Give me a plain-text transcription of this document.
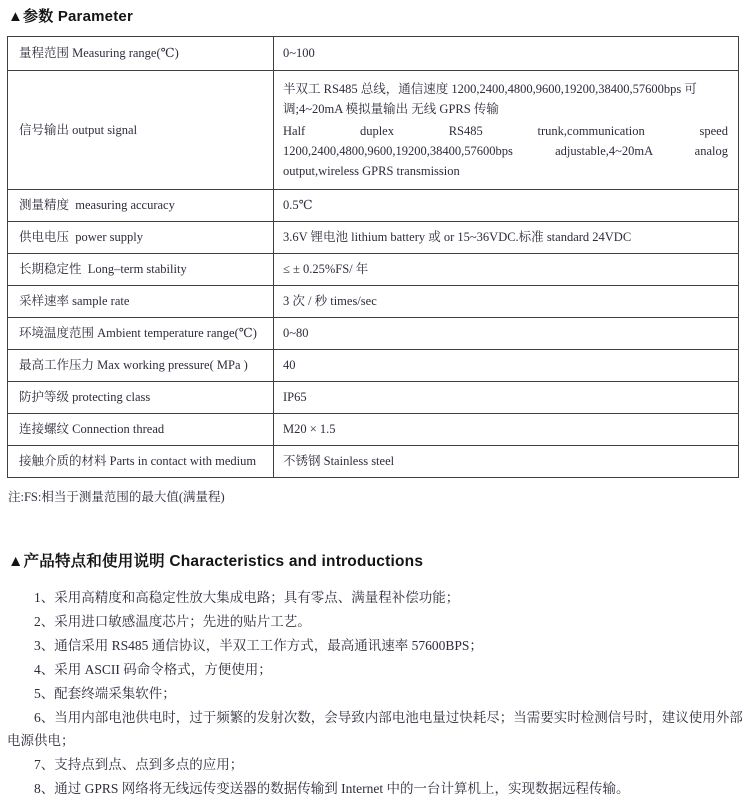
▲参数 Parameter
量程范围 Measuring range(℃)	0~100
信号输出 output signal	半双工 RS485 总线，通信速度 1200,2400,4800,9600,19200,38400,57600bps 可调;4~20mA 模拟量输出 无线 GPRS 传输
Half duplex RS485 trunk,communication speed 1200,2400,4800,9600,19200,38400,57600bps adjustable,4~20mA analog output,wireless GPRS transmission

测量精度  measuring accuracy	0.5℃
供电电压  power supply	3.6V 锂电池 lithium battery 或 or 15~36VDC.标准 standard 24VDC
长期稳定性  Long–term stability	≤ ± 0.25%FS/ 年
采样速率 sample rate	3 次 / 秒 times/sec
环境温度范围 Ambient temperature range(℃)	0~80
最高工作压力 Max working pressure( MPa )	40
防护等级 protecting class	IP65
连接螺纹 Connection thread	M20 × 1.5
接触介质的材料 Parts in contact with medium	不锈钢 Stainless steel

注:FS:相当于测量范围的最大值(满量程)

▲产品特点和使用说明 Characteristics and introductions

1、采用高精度和高稳定性放大集成电路；具有零点、满量程补偿功能；

2、采用进口敏感温度芯片；先进的贴片工艺。

3、通信采用 RS485 通信协议，半双工工作方式，最高通讯速率 57600BPS；

4、采用 ASCII 码命令格式，方便使用；

5、配套终端采集软件；

6、当用内部电池供电时，过于频繁的发射次数，会导致内部电池电量过快耗尽；当需要实时检测信号时，建议使用外部电源供电；

7、支持点到点、点到多点的应用；

8、通过 GPRS 网络将无线远传变送器的数据传输到 Internet 中的一台计算机上，实现数据远程传输。
